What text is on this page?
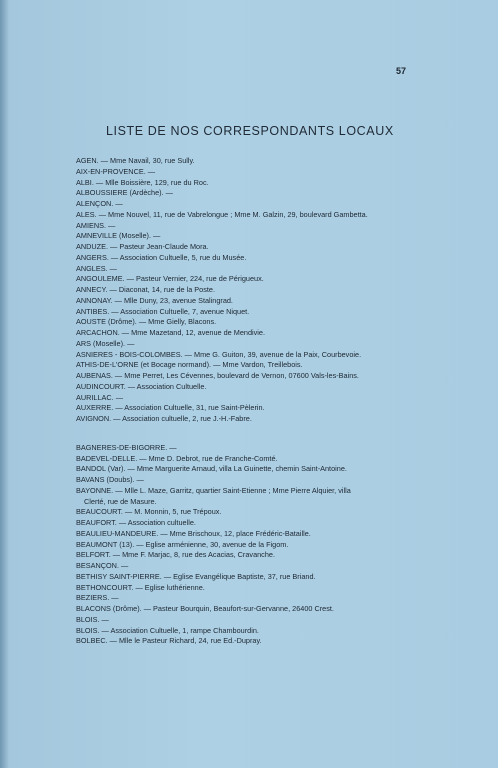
57
LISTE DE NOS CORRESPONDANTS LOCAUX
AGEN. — Mme Navail, 30, rue Sully.
AIX-EN-PROVENCE. —
ALBI. — Mlle Boissière, 129, rue du Roc.
ALBOUSSIERE (Ardèche). —
ALENÇON. —
ALES. — Mme Nouvel, 11, rue de Vabrelongue ; Mme M. Galzin, 29, boulevard Gambetta.
AMIENS. —
AMNEVILLE (Moselle). —
ANDUZE. — Pasteur Jean-Claude Mora.
ANGERS. — Association Cultuelle, 5, rue du Musée.
ANGLES. —
ANGOULEME. — Pasteur Vernier, 224, rue de Périgueux.
ANNECY. — Diaconat, 14, rue de la Poste.
ANNONAY. — Mlle Duny, 23, avenue Stalingrad.
ANTIBES. — Association Cultuelle, 7, avenue Niquet.
AOUSTE (Drôme). — Mme Gielly, Blacons.
ARCACHON. — Mme Mazetand, 12, avenue de Mendivie.
ARS (Moselle). —
ASNIERES - BOIS-COLOMBES. — Mme G. Guiton, 39, avenue de la Paix, Courbevoie.
ATHIS-DE-L'ORNE (et Bocage normand). — Mme Vardon, Treillebois.
AUBENAS. — Mme Perret, Les Cévennes, boulevard de Vernon, 07600 Vals-les-Bains.
AUDINCOURT. — Association Cultuelle.
AURILLAC. —
AUXERRE. — Association Cultuelle, 31, rue Saint-Pèlerin.
AVIGNON. — Association cultuelle, 2, rue J.-H.-Fabre.
BAGNERES-DE-BIGORRE. —
BADEVEL-DELLE. — Mme D. Debrot, rue de Franche-Comté.
BANDOL (Var). — Mme Marguerite Arnaud, villa La Guinette, chemin Saint-Antoine.
BAVANS (Doubs). —
BAYONNE. — Mlle L. Maze, Garritz, quartier Saint-Etienne ; Mme Pierre Alquier, villa
Clerté, rue de Masure.
BEAUCOURT. — M. Monnin, 5, rue Trépoux.
BEAUFORT. — Association cultuelle.
BEAULIEU-MANDEURE. — Mme Brischoux, 12, place Frédéric-Bataille.
BEAUMONT (13). — Eglise arménienne, 30, avenue de la Figom.
BELFORT. — Mme F. Marjac, 8, rue des Acacias, Cravanche.
BESANÇON. —
BETHISY SAINT-PIERRE. — Eglise Evangélique Baptiste, 37, rue Briand.
BETHONCOURT. — Eglise luthérienne.
BEZIERS. —
BLACONS (Drôme). — Pasteur Bourquin, Beaufort-sur-Gervanne, 26400 Crest.
BLOIS. —
BLOIS. — Association Cultuelle, 1, rampe Chambourdin.
BOLBEC. — Mlle le Pasteur Richard, 24, rue Ed.-Dupray.
